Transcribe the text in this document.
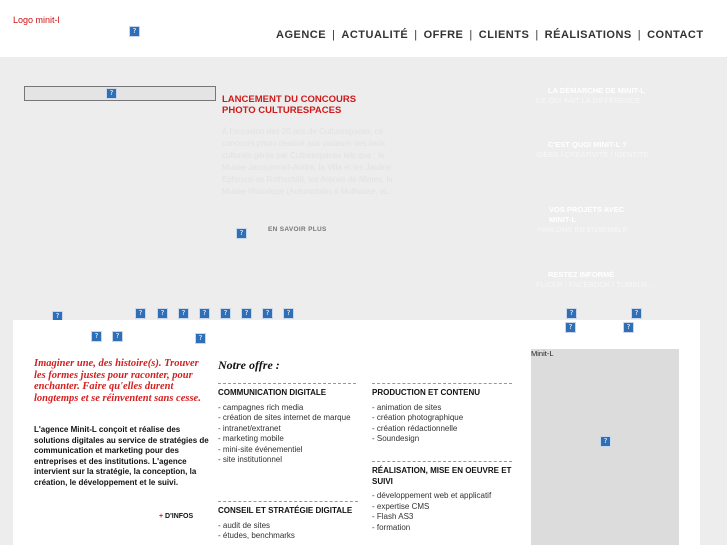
Logo minit-l
?	AGENCE | ACTUALITÉ | OFFRE | CLIENTS | RÉALISATIONS | CONTACT
?
LANCEMENT DU CONCOURS PHOTO CULTURESPACES
À l'occasion des 20 ans de Culturespaces, ce concours photo destiné aux visiteurs des lieux culturels gérés par Culturespaces tels que : le Musée Jacquemart-André, la Villa et les Jardins Ephrussi de Rothschild, les Arènes de Nîmes, le Musée Historique (Automobile) à Mulhouse, et...
?	EN SAVOIR PLUS
LA DÉMARCHE DE MINIT-L
CE QUI FAIT LA DIFFÉRENCE
C'EST QUOI MINIT-L ?
IDÉES / CRÉATIVITÉ / IDENTITÉ
VOS PROJETS AVEC MINIT-L
PARLONS EN ENSEMBLE
RESTEZ INFORMÉ
FLICKR / FACEBOOK / TUMBLR...
?	?	?	?	?	?	?	?	?	?	?
?	?	?
?	?
Imaginer une, des histoire(s). Trouver les formes justes pour raconter, pour enchanter. Faire qu'elles durent longtemps et se réinventent sans cesse.
L'agence Minit-L conçoit et réalise des solutions digitales au service de stratégies de communication et marketing pour des entreprises et des institutions. L'agence intervient sur la stratégie, la conception, la création, le développement et le suivi.
+ D'INFOS
Notre offre :
COMMUNICATION DIGITALE
- campagnes rich media
- création de sites internet de marque
- intranet/extranet
- marketing mobile
- mini-site événementiel
- site institutionnel
CONSEIL ET STRATÉGIE DIGITALE
- audit de sites
- études, benchmarks
PRODUCTION ET CONTENU
- animation de sites
- création photographique
- création rédactionnelle
- Soundesign
RÉALISATION, MISE EN OEUVRE ET SUIVI
- développement web et applicatif
- expertise CMS
- Flash AS3
- formation
Minit-L
?
